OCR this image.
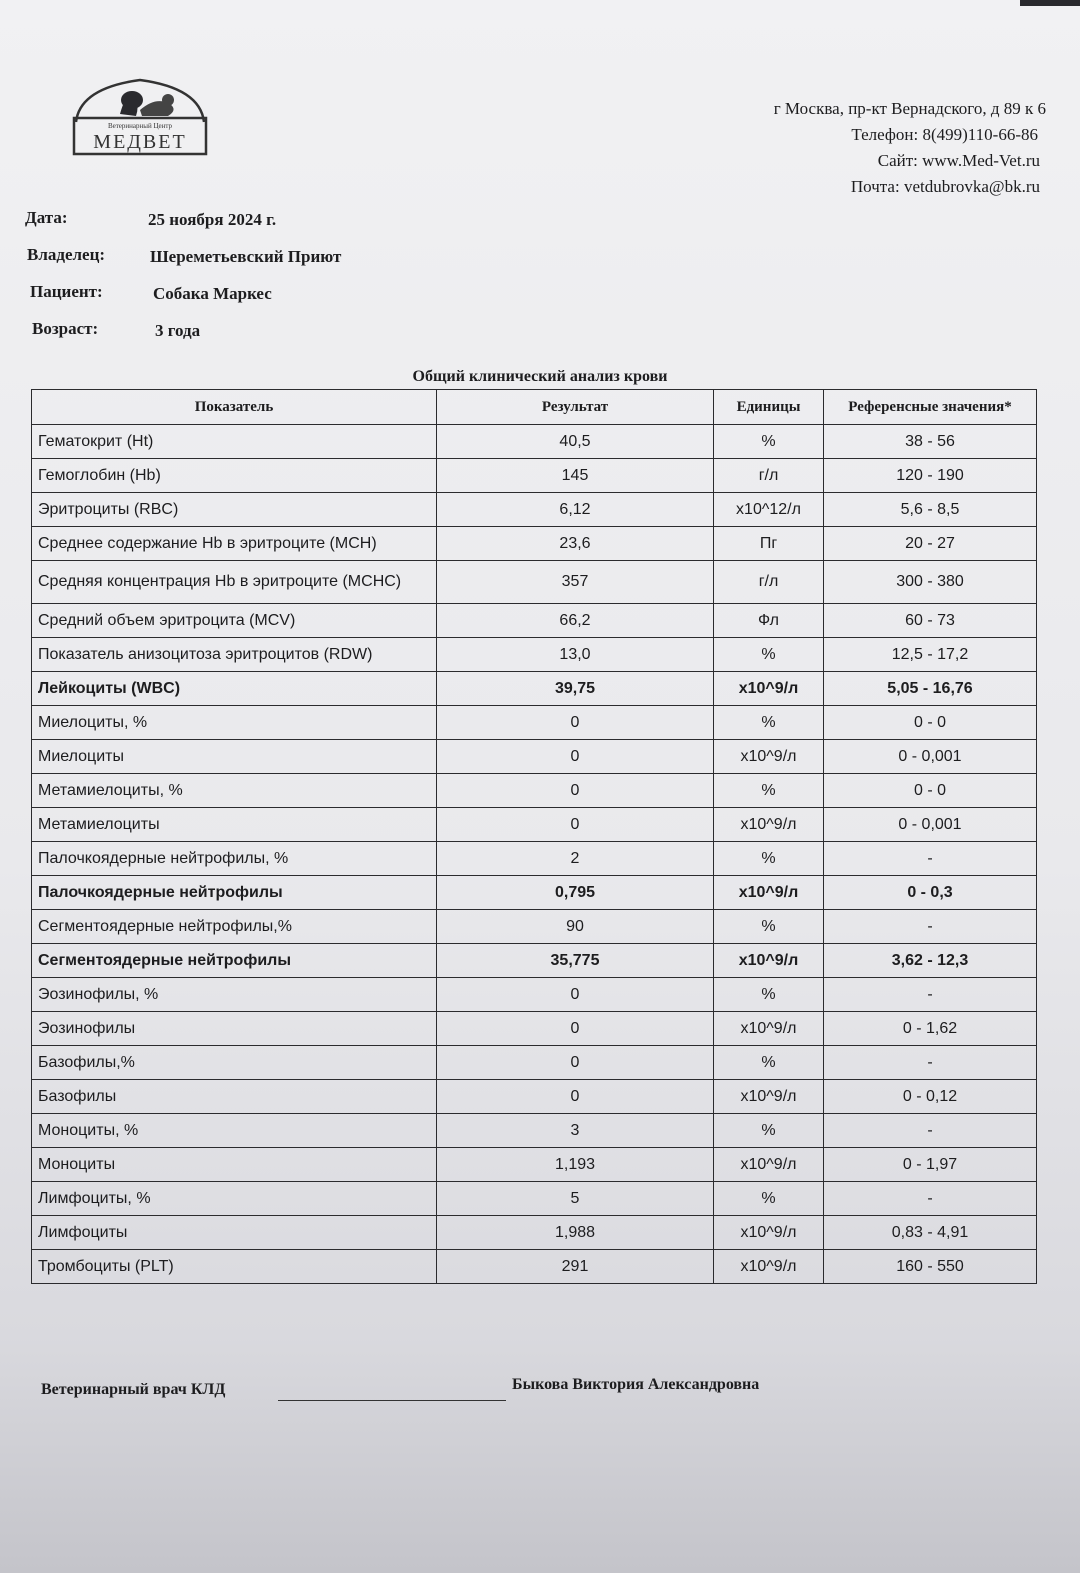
Ветеринарный Центр
МЕДВЕТ
г Москва, пр-кт Вернадского, д 89 к 6
Телефон: 8(499)110-66-86
Сайт: www.Med-Vet.ru
Почта: vetdubrovka@bk.ru
Дата:	25 ноября 2024 г.
Владелец:	Шереметьевский Приют
Пациент:	Собака Маркес
Возраст:	3 года
Общий клинический анализ крови
Показатель	Результат	Единицы	Референсные значения*
Гематокрит (Ht)	40,5	%	38 - 56
Гемоглобин (Hb)	145	г/л	120 - 190
Эритроциты (RBC)	6,12	x10^12/л	5,6 - 8,5
Среднее содержание Hb в эритроците (MCH)	23,6	Пг	20 - 27
Средняя концентрация Hb в эритроците (MCHC)	357	г/л	300 - 380
Средний объем эритроцита (MCV)	66,2	Фл	60 - 73
Показатель анизоцитоза эритроцитов (RDW)	13,0	%	12,5 - 17,2
Лейкоциты (WBC)	39,75	x10^9/л	5,05 - 16,76
Миелоциты, %	0	%	0 - 0
Миелоциты	0	x10^9/л	0 - 0,001
Метамиелоциты, %	0	%	0 - 0
Метамиелоциты	0	x10^9/л	0 - 0,001
Палочкоядерные нейтрофилы, %	2	%	-
Палочкоядерные нейтрофилы	0,795	x10^9/л	0 - 0,3
Сегментоядерные нейтрофилы,%	90	%	-
Сегментоядерные нейтрофилы	35,775	x10^9/л	3,62 - 12,3
Эозинофилы, %	0	%	-
Эозинофилы	0	x10^9/л	0 - 1,62
Базофилы,%	0	%	-
Базофилы	0	x10^9/л	0 - 0,12
Моноциты, %	3	%	-
Моноциты	1,193	x10^9/л	0 - 1,97
Лимфоциты, %	5	%	-
Лимфоциты	1,988	x10^9/л	0,83 - 4,91
Тромбоциты (PLT)	291	x10^9/л	160 - 550
Ветеринарный врач КЛД	Быкова Виктория Александровна
